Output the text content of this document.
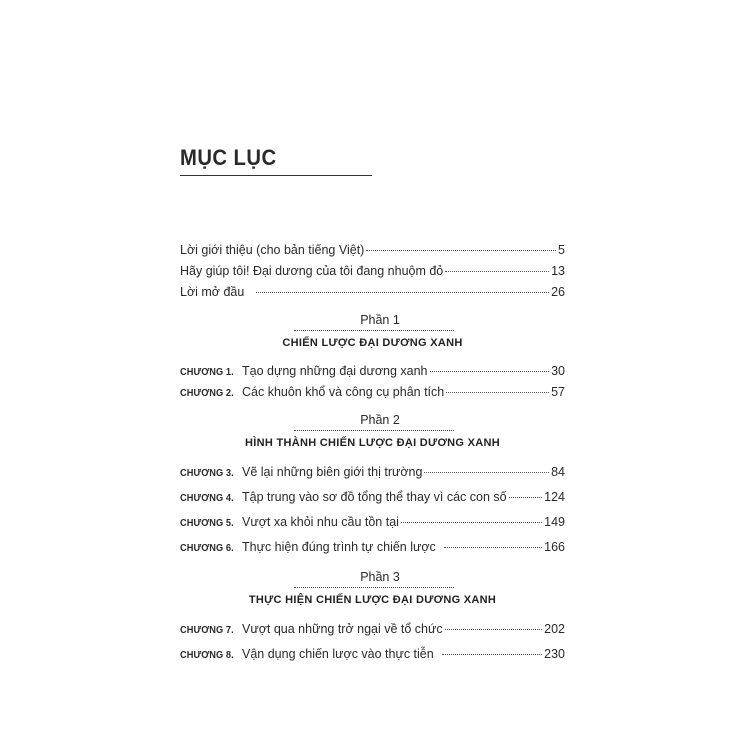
MỤC LỤC
Lời giới thiệu (cho bản tiếng Việt)	5
Hãy giúp tôi! Đại dương của tôi đang nhuộm đỏ	13
Lời mở đầu	26
Phần 1
CHIẾN LƯỢC ĐẠI DƯƠNG XANH
CHƯƠNG 1. Tạo dựng những đại dương xanh	30
CHƯƠNG 2. Các khuôn khổ và công cụ phân tích	57
Phần 2
HÌNH THÀNH CHIẾN LƯỢC ĐẠI DƯƠNG XANH
CHƯƠNG 3. Vẽ lại những biên giới thị trường	84
CHƯƠNG 4. Tập trung vào sơ đồ tổng thể thay vì các con số	124
CHƯƠNG 5. Vượt xa khỏi nhu cầu tồn tại	149
CHƯƠNG 6. Thực hiện đúng trình tự chiến lược	166
Phần 3
THỰC HIỆN CHIẾN LƯỢC ĐẠI DƯƠNG XANH
CHƯƠNG 7. Vượt qua những trở ngại về tổ chức	202
CHƯƠNG 8. Vận dụng chiến lược vào thực tiễn	230
